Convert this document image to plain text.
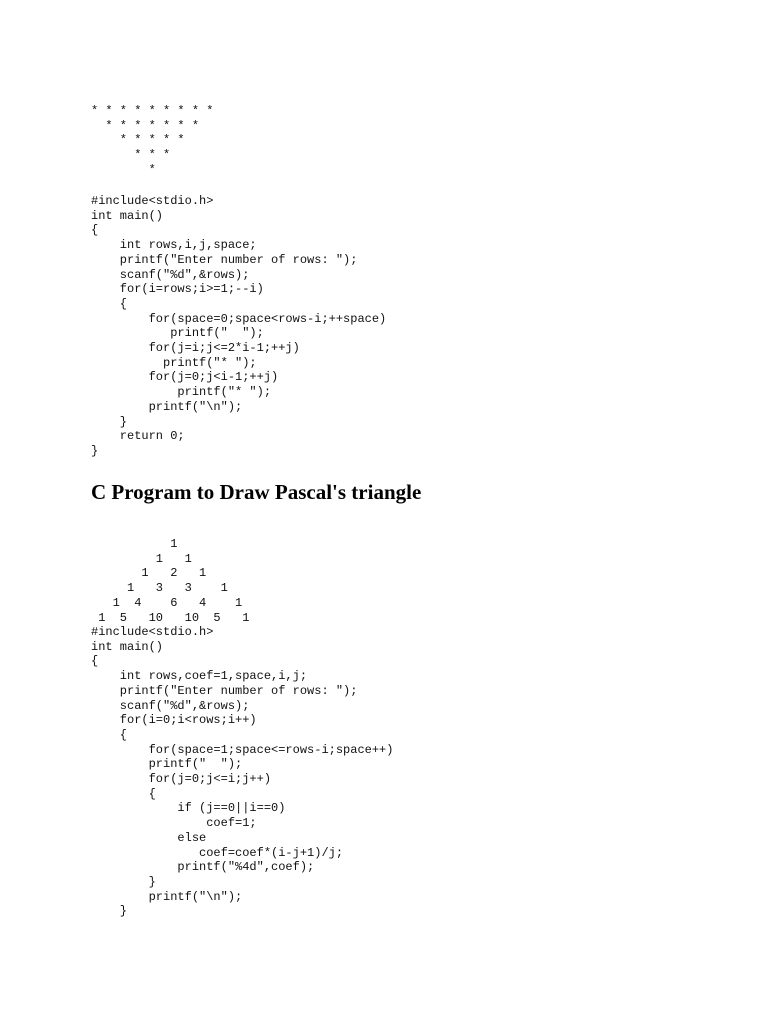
* * * * * * * * *
* * * * * * *
* * * * *
* * *
*
#include<stdio.h>
int main()
{
int rows,i,j,space;
printf("Enter number of rows: ");
scanf("%d",&rows);
for(i=rows;i>=1;--i)
{
for(space=0;space<rows-i;++space)
printf("  ");
for(j=i;j<=2*i-1;++j)
printf("* ");
for(j=0;j<i-1;++j)
printf("* ");
printf("\n");
}
return 0;
}
C Program to Draw Pascal's triangle
1
1   1
1   2   1
1   3   3    1
1  4    6   4    1
1  5   10   10  5   1
#include<stdio.h>
int main()
{
int rows,coef=1,space,i,j;
printf("Enter number of rows: ");
scanf("%d",&rows);
for(i=0;i<rows;i++)
{
for(space=1;space<=rows-i;space++)
printf("  ");
for(j=0;j<=i;j++)
{
if (j==0||i==0)
coef=1;
else
coef=coef*(i-j+1)/j;
printf("%4d",coef);
}
printf("\n");
}
